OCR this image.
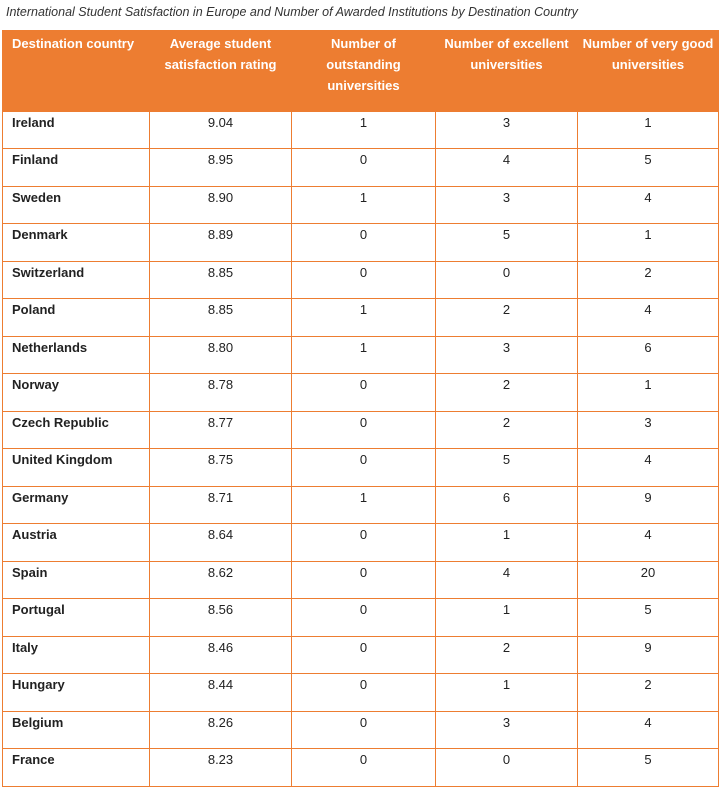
International Student Satisfaction in Europe and Number of Awarded Institutions by Destination Country
Destination country	Average student satisfaction rating	Number of outstanding universities	Number of excellent universities	Number of very good universities
Ireland	9.04	1	3	1
Finland	8.95	0	4	5
Sweden	8.90	1	3	4
Denmark	8.89	0	5	1
Switzerland	8.85	0	0	2
Poland	8.85	1	2	4
Netherlands	8.80	1	3	6
Norway	8.78	0	2	1
Czech Republic	8.77	0	2	3
United Kingdom	8.75	0	5	4
Germany	8.71	1	6	9
Austria	8.64	0	1	4
Spain	8.62	0	4	20
Portugal	8.56	0	1	5
Italy	8.46	0	2	9
Hungary	8.44	0	1	2
Belgium	8.26	0	3	4
France	8.23	0	0	5
